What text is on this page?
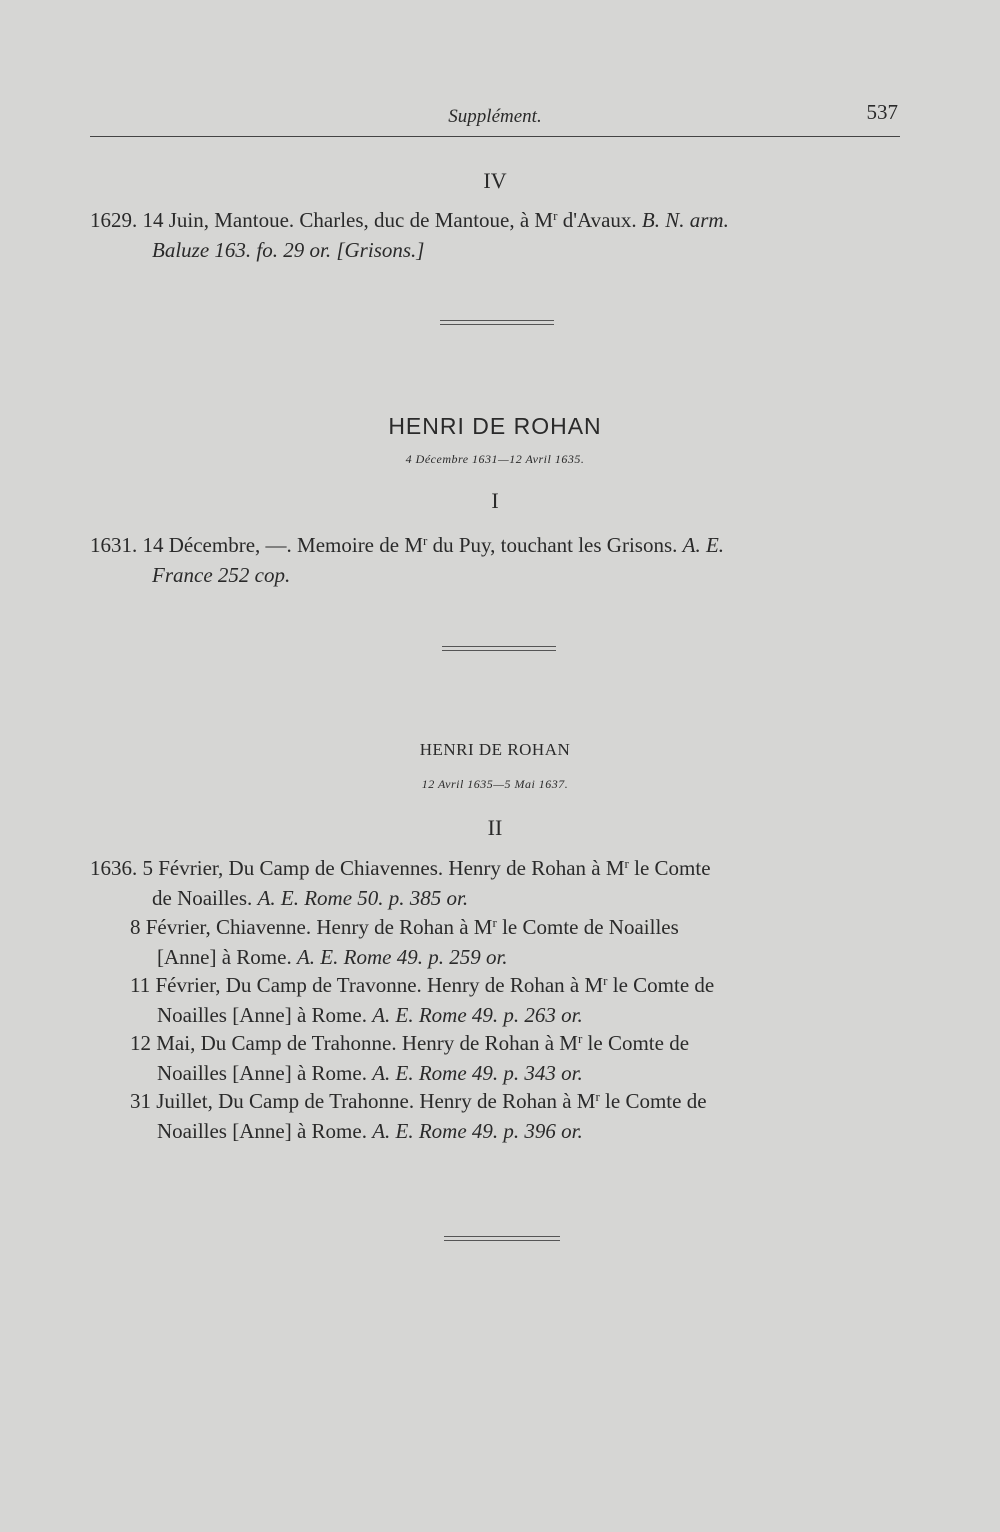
Supplément.	537
IV
1629. 14 Juin, Mantoue. Charles, duc de Mantoue, à $M^r$ d'Avaux. B. N. arm.
Baluze 163. fo. 29 or. [Grisons.]
HENRI DE ROHAN
4 Décembre 1631—12 Avril 1635.
I
1631. 14 Décembre, —. Memoire de $M^r$ du Puy, touchant les Grisons. A. E.
France 252 cop.
HENRI DE ROHAN
12 Avril 1635—5 Mai 1637.
II
1636. 5 Février, Du Camp de Chiavennes. Henry de Rohan à $M^r$ le Comte
de Noailles. A. E. Rome 50. p. 385 or.
8 Février, Chiavenne. Henry de Rohan à $M^r$ le Comte de Noailles
[Anne] à Rome. A. E. Rome 49. p. 259 or.
11 Février, Du Camp de Travonne. Henry de Rohan à $M^r$ le Comte de
Noailles [Anne] à Rome. A. E. Rome 49. p. 263 or.
12 Mai, Du Camp de Trahonne. Henry de Rohan à $M^r$ le Comte de
Noailles [Anne] à Rome. A. E. Rome 49. p. 343 or.
31 Juillet, Du Camp de Trahonne. Henry de Rohan à $M^r$ le Comte de
Noailles [Anne] à Rome. A. E. Rome 49. p. 396 or.
